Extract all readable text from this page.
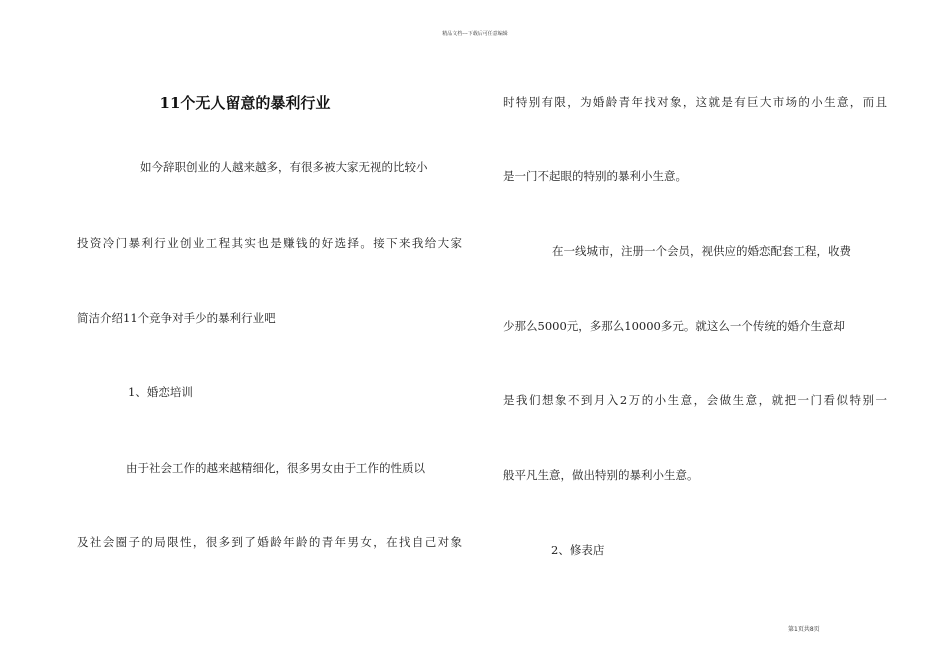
精品文档---下载后可任意编辑
11个无人留意的暴利行业
如今辞职创业的人越来越多，有很多被大家无视的比较小
投资冷门暴利行业创业工程其实也是赚钱的好选择。接下来我给大家
简洁介绍11个竞争对手少的暴利行业吧
1、婚恋培训
由于社会工作的越来越精细化，很多男女由于工作的性质以
及社会圈子的局限性，很多到了婚龄年龄的青年男女，在找自己对象
时特别有限，为婚龄青年找对象，这就是有巨大市场的小生意，而且
是一门不起眼的特别的暴利小生意。
在一线城市，注册一个会员，视供应的婚恋配套工程，收费
少那么5000元，多那么10000多元。就这么一个传统的婚介生意却
是我们想象不到月入2万的小生意，会做生意，就把一门看似特别一
般平凡生意，做出特别的暴利小生意。
2、修表店
第1页共8页
